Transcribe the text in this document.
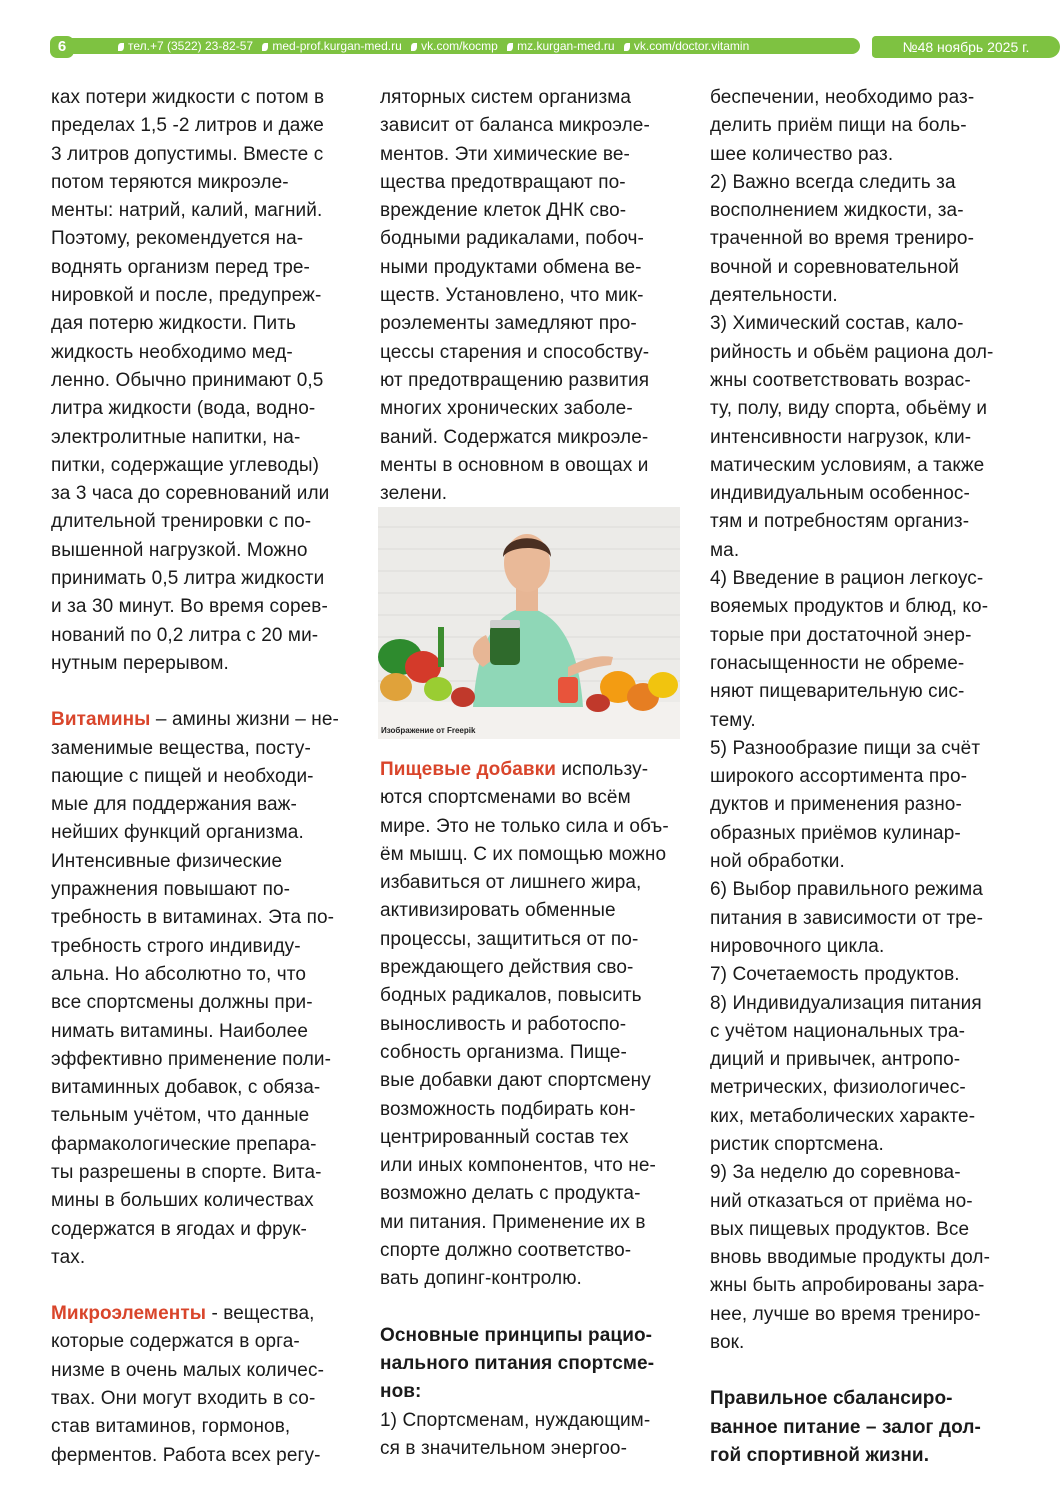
6	тел.+7 (3522) 23-82-57 med-prof.kurgan-med.ru vk.com/kocmp mz.kurgan-med.ru vk.com/doctor.vitamin	№48 ноябрь 2025 г.

ках потери жидкости с потом в
пределах 1,5 -2 литров и даже
3 литров допустимы. Вместе с
потом теряются микроэле-
менты: натрий, калий, магний.
Поэтому, рекомендуется на-
воднять организм перед тре-
нировкой и после, предупреж-
дая потерю жидкости. Пить
жидкость необходимо мед-
ленно. Обычно принимают 0,5
литра жидкости (вода, водно-
электролитные напитки, на-
питки, содержащие углеводы)
за 3 часа до соревнований или
длительной тренировки с по-
вышенной нагрузкой. Можно
принимать 0,5 литра жидкости
и за 30 минут. Во время сорев-
нований по 0,2 литра с 20 ми-
нутным перерывом.

Витамины – амины жизни – не-
заменимые вещества, посту-
пающие с пищей и необходи-
мые для поддержания важ-
нейших функций организма.
Интенсивные физические
упражнения повышают по-
требность в витаминах. Эта по-
требность строго индивиду-
альна. Но абсолютно то, что
все спортсмены должны при-
нимать витамины. Наиболее
эффективно применение поли-
витаминных добавок, с обяза-
тельным учётом, что данные
фармакологические препара-
ты разрешены в спорте. Вита-
мины в больших количествах
содержатся в ягодах и фрук-
тах.

Микроэлементы - вещества,
которые содержатся в орга-
низме в очень малых количес-
твах. Они могут входить в со-
став витаминов, гормонов,
ферментов. Работа всех регу-

ляторных систем организма
зависит от баланса микроэле-
ментов. Эти химические ве-
щества предотвращают по-
вреждение клеток ДНК сво-
бодными радикалами, побоч-
ными продуктами обмена ве-
ществ. Установлено, что мик-
роэлементы замедляют про-
цессы старения и способству-
ют предотвращению развития
многих хронических заболе-
ваний. Содержатся микроэле-
менты в основном в овощах и
зелени.

Изображение от Freepik

Пищевые добавки использу-
ются спортсменами во всём
мире. Это не только сила и объ-
ём мышц. С их помощью можно
избавиться от лишнего жира,
активизировать обменные
процессы, защититься от по-
вреждающего действия сво-
бодных радикалов, повысить
выносливость и работоспо-
собность организма. Пище-
вые добавки дают спортсмену
возможность подбирать кон-
центрированный состав тех
или иных компонентов, что не-
возможно делать с продукта-
ми питания. Применение их в
спорте должно соответство-
вать допинг-контролю.

Основные принципы рацио-
нального питания спортсме-
нов:

1) Спортсменам, нуждающим-
ся в значительном энергоо-

беспечении, необходимо раз-
делить приём пищи на боль-
шее количество раз.

2) Важно всегда следить за
восполнением жидкости, за-
траченной во время трениро-
вочной и соревновательной
деятельности.

3) Химический состав, кало-
рийность и обьём рациона дол-
жны соответствовать возрас-
ту, полу, виду спорта, обьёму и
интенсивности нагрузок, кли-
матическим условиям, а также
индивидуальным особеннос-
тям и потребностям организ-
ма.

4) Введение в рацион легкоус-
вояемых продуктов и блюд, ко-
торые при достаточной энер-
гонасыщенности не обреме-
няют пищеварительную сис-
тему.

5) Разнообразие пищи за счёт
широкого ассортимента про-
дуктов и применения разно-
образных приёмов кулинар-
ной обработки.

6) Выбор правильного режима
питания в зависимости от тре-
нировочного цикла.

7) Сочетаемость продуктов.

8) Индивидуализация питания
с учётом национальных тра-
диций и привычек, антропо-
метрических, физиологичес-
ких, метаболических характе-
ристик спортсмена.

9) За неделю до соревнова-
ний отказаться от приёма но-
вых пищевых продуктов. Все
вновь вводимые продукты дол-
жны быть апробированы зара-
нее, лучше во время трениро-
вок.

Правильное сбалансиро-
ванное питание – залог дол-
гой спортивной жизни.
